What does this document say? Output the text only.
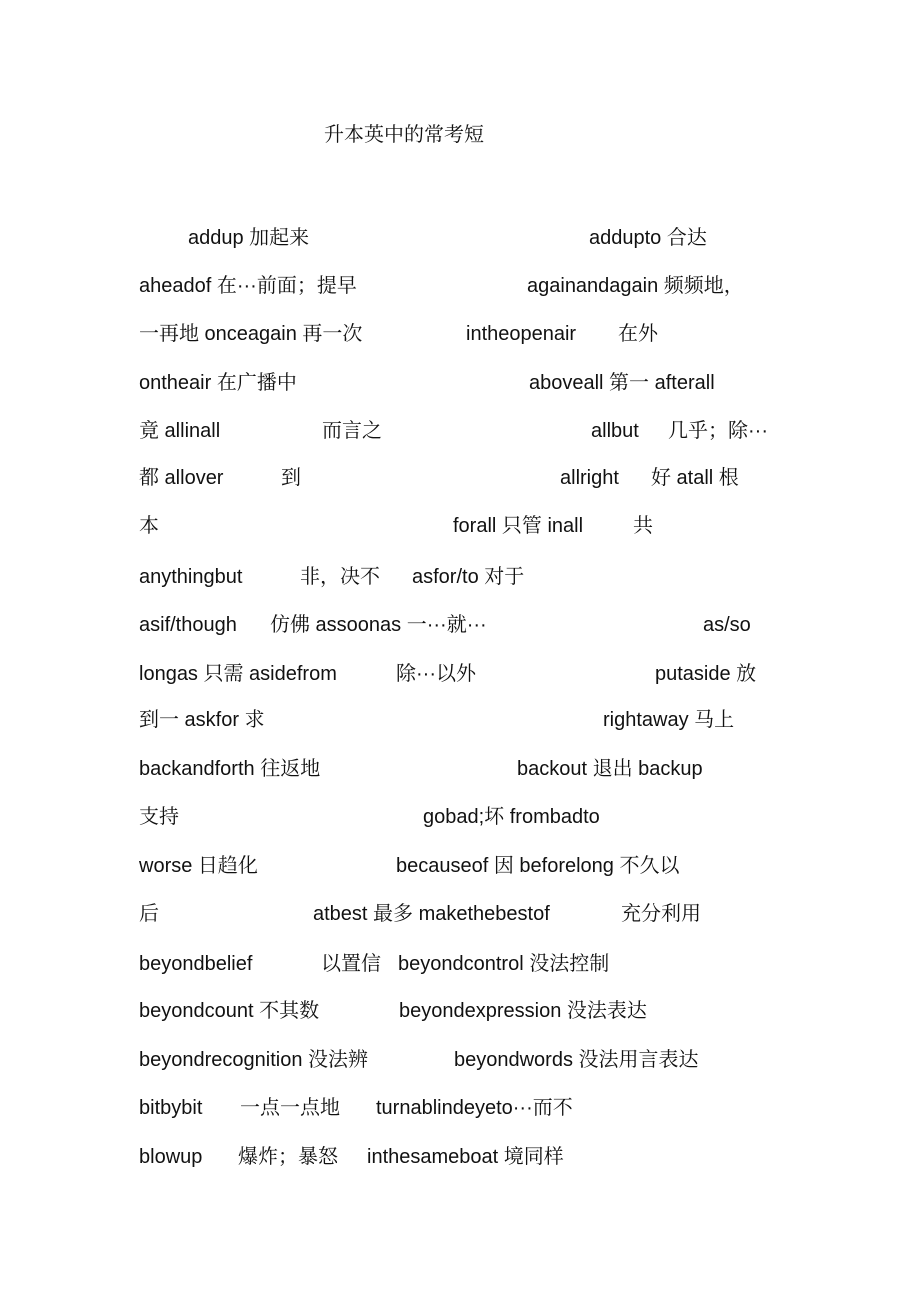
升本英中的常考短
addup 加起来	addupto 合达
aheadof 在···前面；提早	againandagain 频频地，
一再地 onceagain 再一次	intheopenair 在外
ontheair 在广播中	aboveall 第一 afterall
竟 allinall	而言之	allbut 几乎；除···
都 allover	到	allright 好 atall 根
本	forall 只管 inall 共
anythingbut	非，决不 asfor/to 对于
asif/though 仿佛 assoonas 一···就···	as/so
longas 只需 asidefrom	除···以外	putaside 放
到一 askfor 求	rightaway 马上
backandforth 往返地	backout 退出 backup
支持	gobad;坏 frombadto
worse 日趋化	becauseof 因 beforelong 不久以
后	atbest 最多 makethebestof	充分利用
beyondbelief	以置信 beyondcontrol 没法控制
beyondcount 不其数	beyondexpression 没法表达
beyondrecognition 没法辨	beyondwords 没法用言表达
bitbybit 一点一点地 turnablindeyeto···而不
blowup 爆炸；暴怒 inthesameboat 境同样
